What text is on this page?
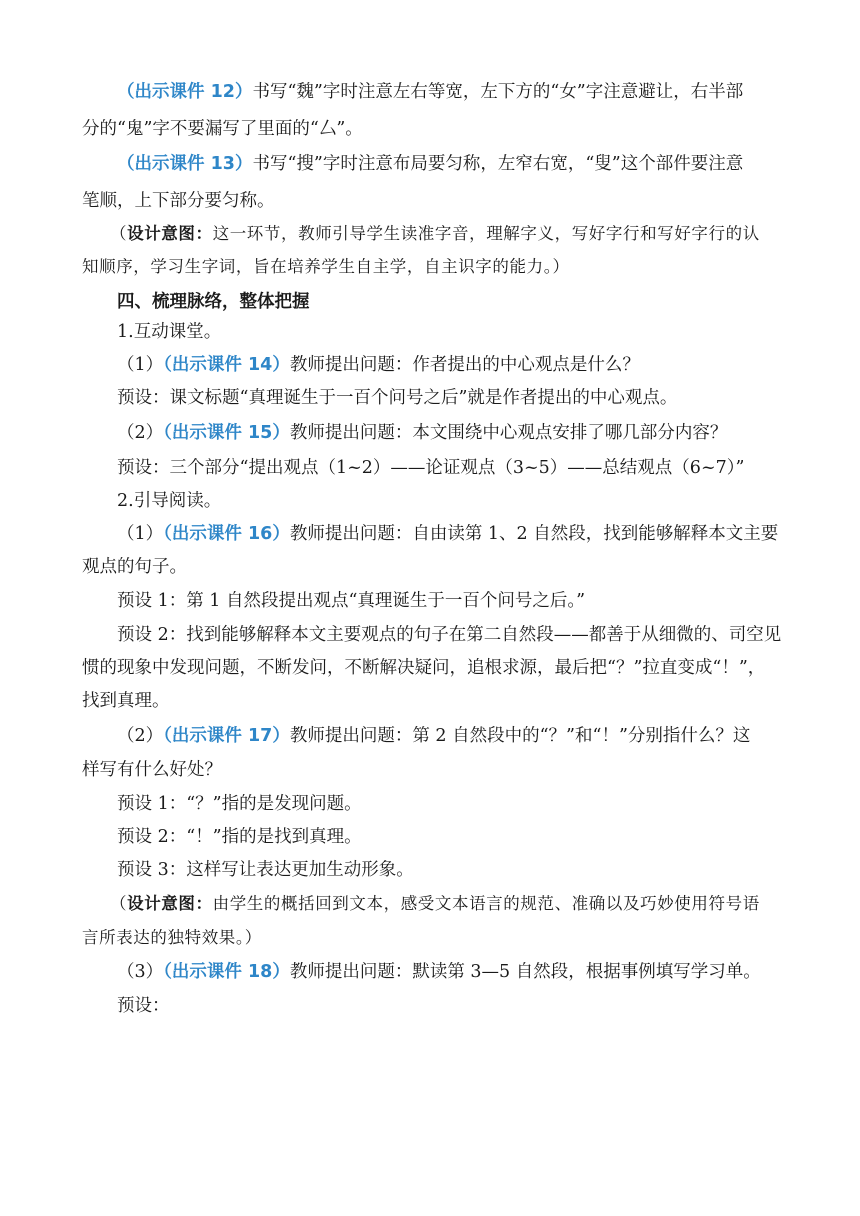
（出示课件 12）书写“魏”字时注意左右等宽，左下方的“女”字注意避让，右半部
分的“鬼”字不要漏写了里面的“厶”。
（出示课件 13）书写“搜”字时注意布局要匀称，左窄右宽，“叟”这个部件要注意
笔顺，上下部分要匀称。
（设计意图：这一环节，教师引导学生读准字音，理解字义，写好字行和写好字行的认
知顺序，学习生字词，旨在培养学生自主学，自主识字的能力。）
四、梳理脉络，整体把握
1.互动课堂。
（1）（出示课件 14）教师提出问题：作者提出的中心观点是什么？
预设：课文标题“真理诞生于一百个问号之后”就是作者提出的中心观点。
（2）（出示课件 15）教师提出问题：本文围绕中心观点安排了哪几部分内容？
预设：三个部分“提出观点（1~2）——论证观点（3~5）——总结观点（6~7）”
2.引导阅读。
（1）（出示课件 16）教师提出问题：自由读第 1、2 自然段，找到能够解释本文主要
观点的句子。
预设 1：第 1 自然段提出观点“真理诞生于一百个问号之后。”
预设 2：找到能够解释本文主要观点的句子在第二自然段——都善于从细微的、司空见
惯的现象中发现问题，不断发问，不断解决疑问，追根求源，最后把“？”拉直变成“！”，
找到真理。
（2）（出示课件 17）教师提出问题：第 2 自然段中的“？”和“！”分别指什么？这
样写有什么好处？
预设 1：“？”指的是发现问题。
预设 2：“！”指的是找到真理。
预设 3：这样写让表达更加生动形象。
（设计意图：由学生的概括回到文本，感受文本语言的规范、准确以及巧妙使用符号语
言所表达的独特效果。）
（3）（出示课件 18）教师提出问题：默读第 3—5 自然段，根据事例填写学习单。
预设：
